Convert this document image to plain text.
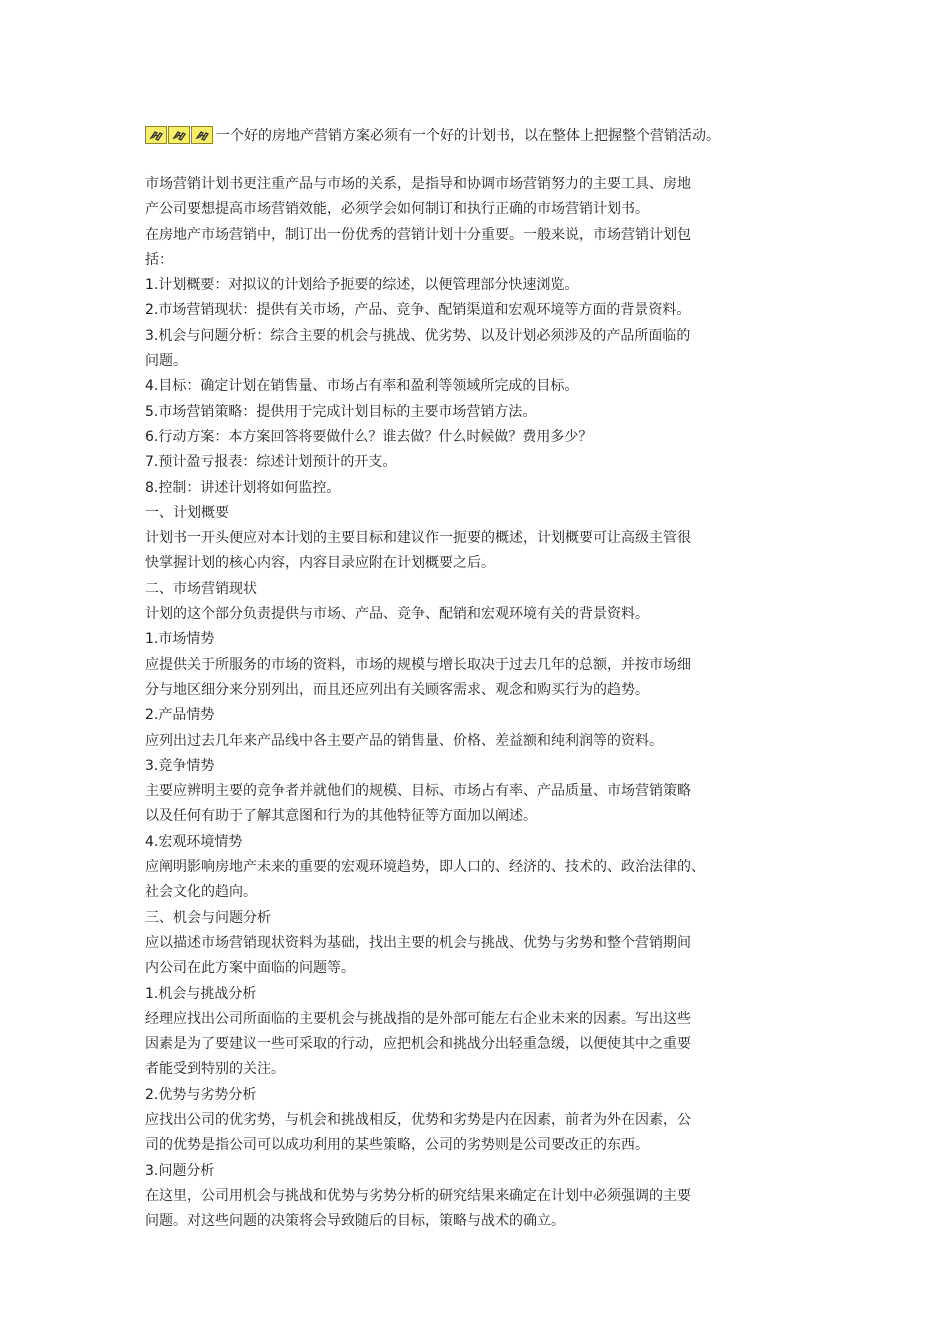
一个好的房地产营销方案必须有一个好的计划书，以在整体上把握整个营销活动。
市场营销计划书更注重产品与市场的关系，是指导和协调市场营销努力的主要工具、房地
产公司要想提高市场营销效能，必须学会如何制订和执行正确的市场营销计划书。
在房地产市场营销中，制订出一份优秀的营销计划十分重要。一般来说，市场营销计划包
括：
1.计划概要：对拟议的计划给予扼要的综述，以便管理部分快速浏览。
2.市场营销现状：提供有关市场，产品、竞争、配销渠道和宏观环境等方面的背景资料。
3.机会与问题分析：综合主要的机会与挑战、优劣势、以及计划必须涉及的产品所面临的
问题。
4.目标：确定计划在销售量、市场占有率和盈利等领域所完成的目标。
5.市场营销策略：提供用于完成计划目标的主要市场营销方法。
6.行动方案：本方案回答将要做什么？谁去做？什么时候做？费用多少？
7.预计盈亏报表：综述计划预计的开支。
8.控制：讲述计划将如何监控。
一、计划概要
计划书一开头便应对本计划的主要目标和建议作一扼要的概述，计划概要可让高级主管很
快掌握计划的核心内容，内容目录应附在计划概要之后。
二、市场营销现状
计划的这个部分负责提供与市场、产品、竞争、配销和宏观环境有关的背景资料。
1.市场情势
应提供关于所服务的市场的资料，市场的规模与增长取决于过去几年的总额，并按市场细
分与地区细分来分别列出，而且还应列出有关顾客需求、观念和购买行为的趋势。
2.产品情势
应列出过去几年来产品线中各主要产品的销售量、价格、差益额和纯利润等的资料。
3.竞争情势
主要应辨明主要的竞争者并就他们的规模、目标、市场占有率、产品质量、市场营销策略
以及任何有助于了解其意图和行为的其他特征等方面加以阐述。
4.宏观环境情势
应阐明影响房地产未来的重要的宏观环境趋势，即人口的、经济的、技术的、政治法律的、
社会文化的趋向。
三、机会与问题分析
应以描述市场营销现状资料为基础，找出主要的机会与挑战、优势与劣势和整个营销期间
内公司在此方案中面临的问题等。
1.机会与挑战分析
经理应找出公司所面临的主要机会与挑战指的是外部可能左右企业未来的因素。写出这些
因素是为了要建议一些可采取的行动，应把机会和挑战分出轻重急缓，以便使其中之重要
者能受到特别的关注。
2.优势与劣势分析
应找出公司的优劣势，与机会和挑战相反，优势和劣势是内在因素，前者为外在因素，公
司的优势是指公司可以成功利用的某些策略，公司的劣势则是公司要改正的东西。
3.问题分析
在这里，公司用机会与挑战和优势与劣势分析的研究结果来确定在计划中必须强调的主要
问题。对这些问题的决策将会导致随后的目标，策略与战术的确立。
